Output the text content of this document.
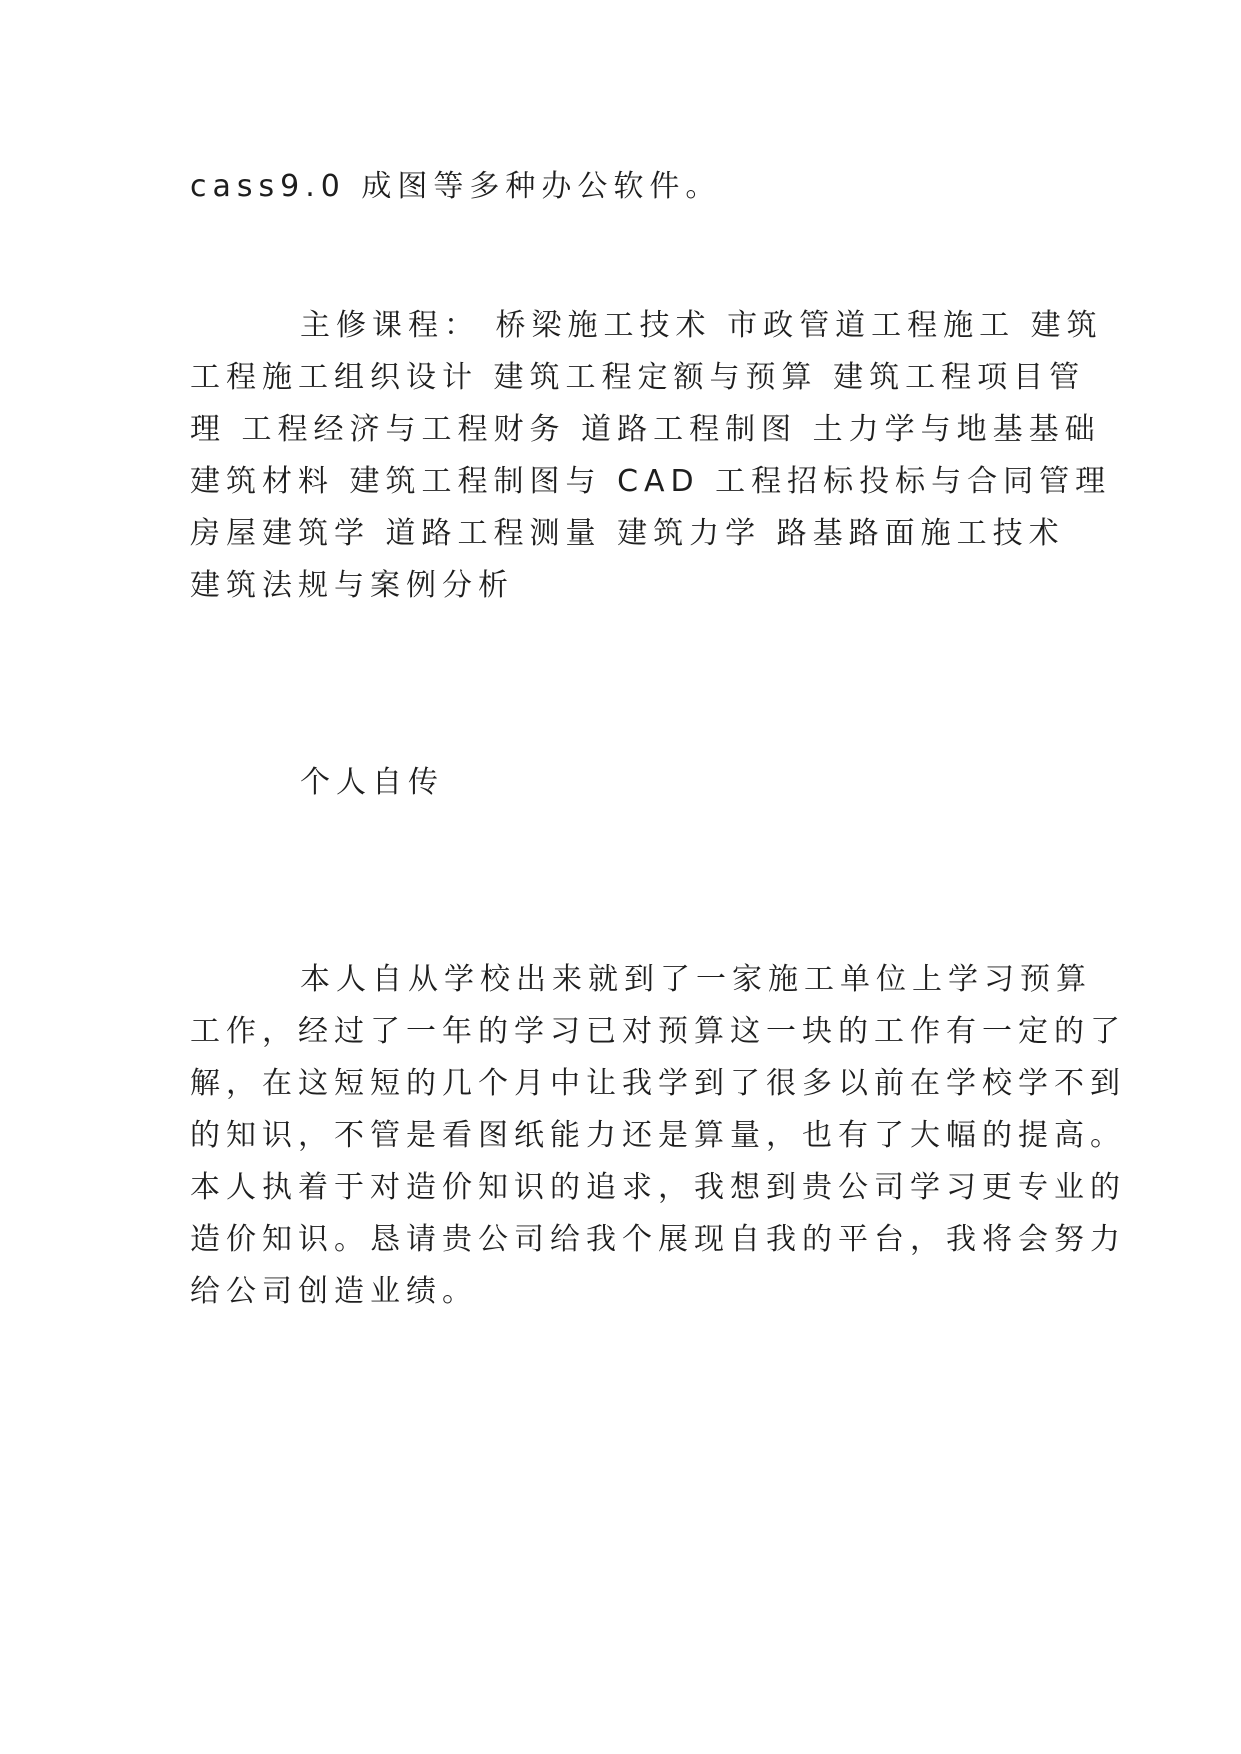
cass9.0 成图等多种办公软件。
主修课程： 桥梁施工技术 市政管道工程施工 建筑
工程施工组织设计 建筑工程定额与预算 建筑工程项目管
理 工程经济与工程财务 道路工程制图 土力学与地基基础
建筑材料 建筑工程制图与 CAD 工程招标投标与合同管理
房屋建筑学 道路工程测量 建筑力学 路基路面施工技术
建筑法规与案例分析
个人自传
本人自从学校出来就到了一家施工单位上学习预算
工作，经过了一年的学习已对预算这一块的工作有一定的了
解，在这短短的几个月中让我学到了很多以前在学校学不到
的知识，不管是看图纸能力还是算量，也有了大幅的提高。
本人执着于对造价知识的追求，我想到贵公司学习更专业的
造价知识。恳请贵公司给我个展现自我的平台，我将会努力
给公司创造业绩。
